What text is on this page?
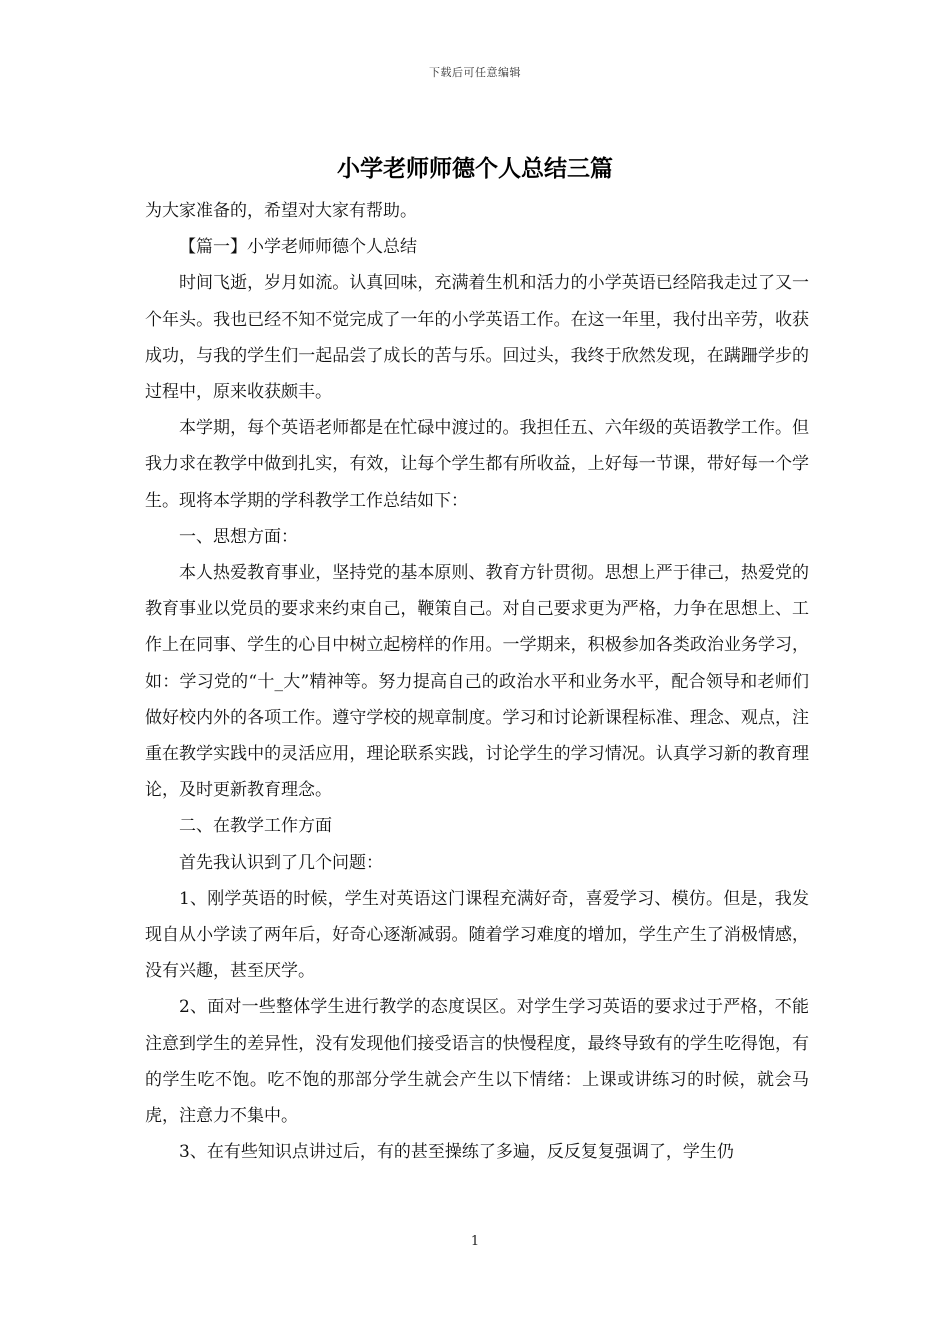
下载后可任意编辑
小学老师师德个人总结三篇

为大家准备的，希望对大家有帮助。

【篇一】小学老师师德个人总结

时间飞逝，岁月如流。认真回味，充满着生机和活力的小学英语已经陪我走过了又一个年头。我也已经不知不觉完成了一年的小学英语工作。在这一年里，我付出辛劳，收获成功，与我的学生们一起品尝了成长的苦与乐。回过头，我终于欣然发现，在蹒跚学步的过程中，原来收获颇丰。

本学期，每个英语老师都是在忙碌中渡过的。我担任五、六年级的英语教学工作。但我力求在教学中做到扎实，有效，让每个学生都有所收益，上好每一节课，带好每一个学生。现将本学期的学科教学工作总结如下：

一、思想方面：

本人热爱教育事业，坚持党的基本原则、教育方针贯彻。思想上严于律己，热爱党的教育事业以党员的要求来约束自己，鞭策自己。对自己要求更为严格，力争在思想上、工作上在同事、学生的心目中树立起榜样的作用。一学期来，积极参加各类政治业务学习，如：学习党的“十_大”精神等。努力提高自己的政治水平和业务水平，配合领导和老师们做好校内外的各项工作。遵守学校的规章制度。学习和讨论新课程标准、理念、观点，注重在教学实践中的灵活应用，理论联系实践，讨论学生的学习情况。认真学习新的教育理论，及时更新教育理念。

二、在教学工作方面

首先我认识到了几个问题：

1、刚学英语的时候，学生对英语这门课程充满好奇，喜爱学习、模仿。但是，我发现自从小学读了两年后，好奇心逐渐减弱。随着学习难度的增加，学生产生了消极情感，没有兴趣，甚至厌学。

2、面对一些整体学生进行教学的态度误区。对学生学习英语的要求过于严格，不能注意到学生的差异性，没有发现他们接受语言的快慢程度，最终导致有的学生吃得饱，有的学生吃不饱。吃不饱的那部分学生就会产生以下情绪：上课或讲练习的时候，就会马虎，注意力不集中。

3、在有些知识点讲过后，有的甚至操练了多遍，反反复复强调了，学生仍

1
